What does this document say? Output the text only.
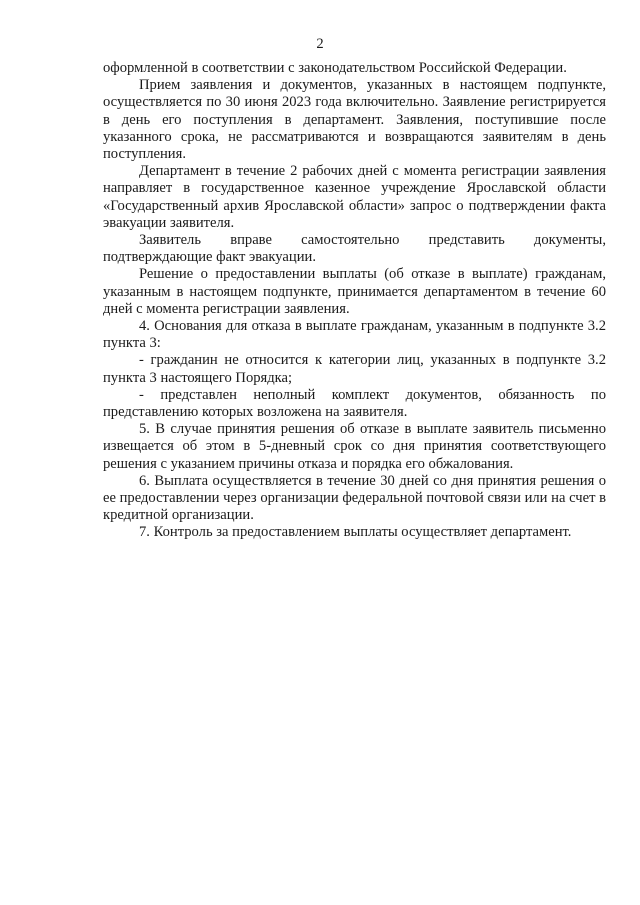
2

оформленной в соответствии с законодательством Российской Федерации.

Прием заявления и документов, указанных в настоящем подпункте, осуществляется по 30 июня 2023 года включительно. Заявление регистрируется в день его поступления в департамент. Заявления, поступившие после указанного срока, не рассматриваются и возвращаются заявителям в день поступления.

Департамент в течение 2 рабочих дней с момента регистрации заявления направляет в государственное казенное учреждение Ярославской области «Государственный архив Ярославской области» запрос о подтверждении факта эвакуации заявителя.

Заявитель вправе самостоятельно представить документы, подтверждающие факт эвакуации.

Решение о предоставлении выплаты (об отказе в выплате) гражданам, указанным в настоящем подпункте, принимается департаментом в течение 60 дней с момента регистрации заявления.

4. Основания для отказа в выплате гражданам, указанным в подпункте 3.2 пункта 3:

- гражданин не относится к категории лиц, указанных в подпункте 3.2 пункта 3 настоящего Порядка;

- представлен неполный комплект документов, обязанность по представлению которых возложена на заявителя.

5. В случае принятия решения об отказе в выплате заявитель письменно извещается об этом в 5-дневный срок со дня принятия соответствующего решения с указанием причины отказа и порядка его обжалования.

6. Выплата осуществляется в течение 30 дней со дня принятия решения о ее предоставлении через организации федеральной почтовой связи или на счет в кредитной организации.

7. Контроль за предоставлением выплаты осуществляет департамент.
